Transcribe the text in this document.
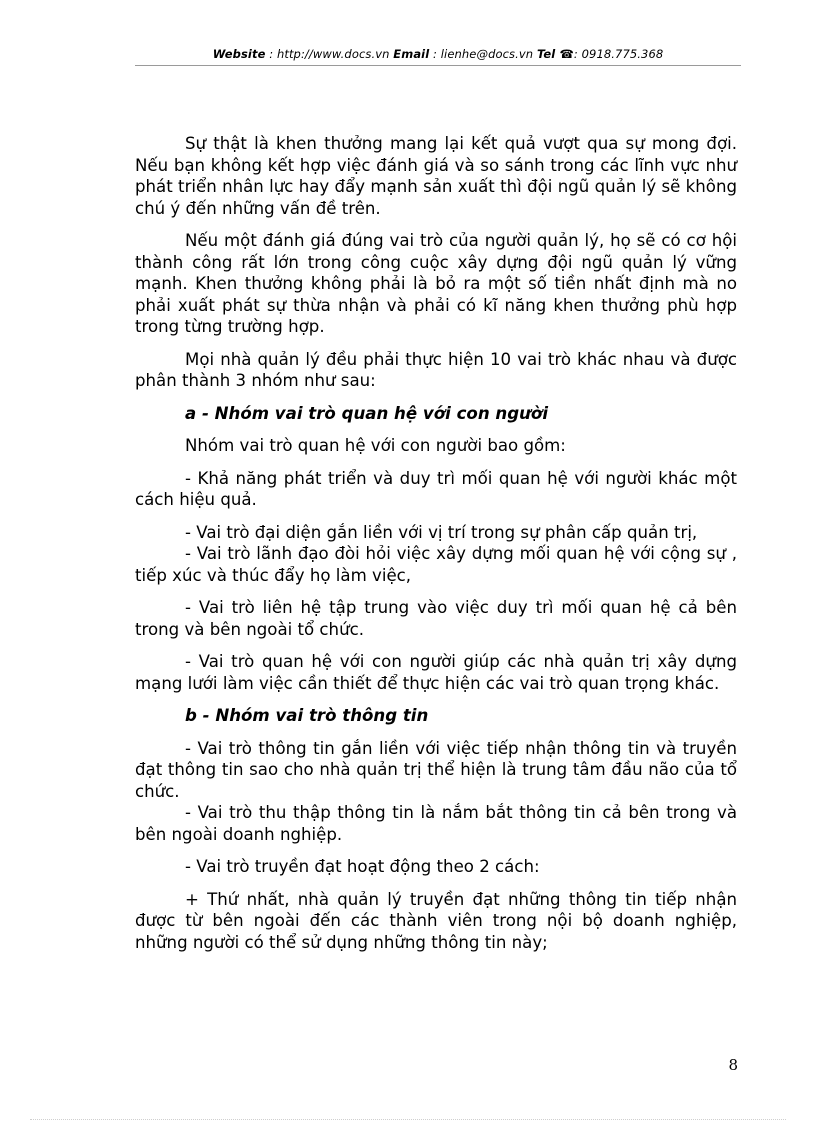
Website : http://www.docs.vn Email : lienhe@docs.vn Tel ☎: 0918.775.368

Sự thật là khen thưởng mang lại kết quả vượt qua sự mong đợi. Nếu bạn không kết hợp việc đánh giá và so sánh trong các lĩnh vực như phát triển nhân lực hay đẩy mạnh sản xuất thì đội ngũ quản lý sẽ không chú ý đến những vấn đề trên.

Nếu một đánh giá đúng vai trò của người quản lý, họ sẽ có cơ hội thành công rất lớn trong công cuộc xây dựng đội ngũ quản lý vững mạnh. Khen thưởng không phải là bỏ ra một số tiền nhất định mà no phải xuất phát sự thừa nhận và phải có kĩ năng khen thưởng phù hợp trong từng trường hợp.

Mọi nhà quản lý đều phải thực hiện 10 vai trò khác nhau và được phân thành 3 nhóm như sau:

a - Nhóm vai trò quan hệ với con người

Nhóm vai trò quan hệ với con người bao gồm:

- Khả năng phát triển và duy trì mối quan hệ với người khác một cách hiệu quả.

- Vai trò đại diện gắn liền với vị trí trong sự phân cấp quản trị,

- Vai trò lãnh đạo đòi hỏi việc xây dựng mối quan hệ với cộng sự , tiếp xúc và thúc đẩy họ làm việc,

- Vai trò liên hệ tập trung vào việc duy trì mối quan hệ cả bên trong và bên ngoài tổ chức.

- Vai trò quan hệ với con người giúp các nhà quản trị xây dựng mạng lưới làm việc cần thiết để thực hiện các vai trò quan trọng khác.

b - Nhóm vai trò thông tin

- Vai trò thông tin gắn liền với việc tiếp nhận thông tin và truyền đạt thông tin sao cho nhà quản trị thể hiện là trung tâm đầu não của tổ chức.

- Vai trò thu thập thông tin là nắm bắt thông tin cả bên trong và bên ngoài doanh nghiệp.

- Vai trò truyền đạt hoạt động theo 2 cách:

+ Thứ nhất, nhà quản lý truyền đạt những thông tin tiếp nhận được từ bên ngoài đến các thành viên trong nội bộ doanh nghiệp, những người có thể sử dụng những thông tin này;

8
